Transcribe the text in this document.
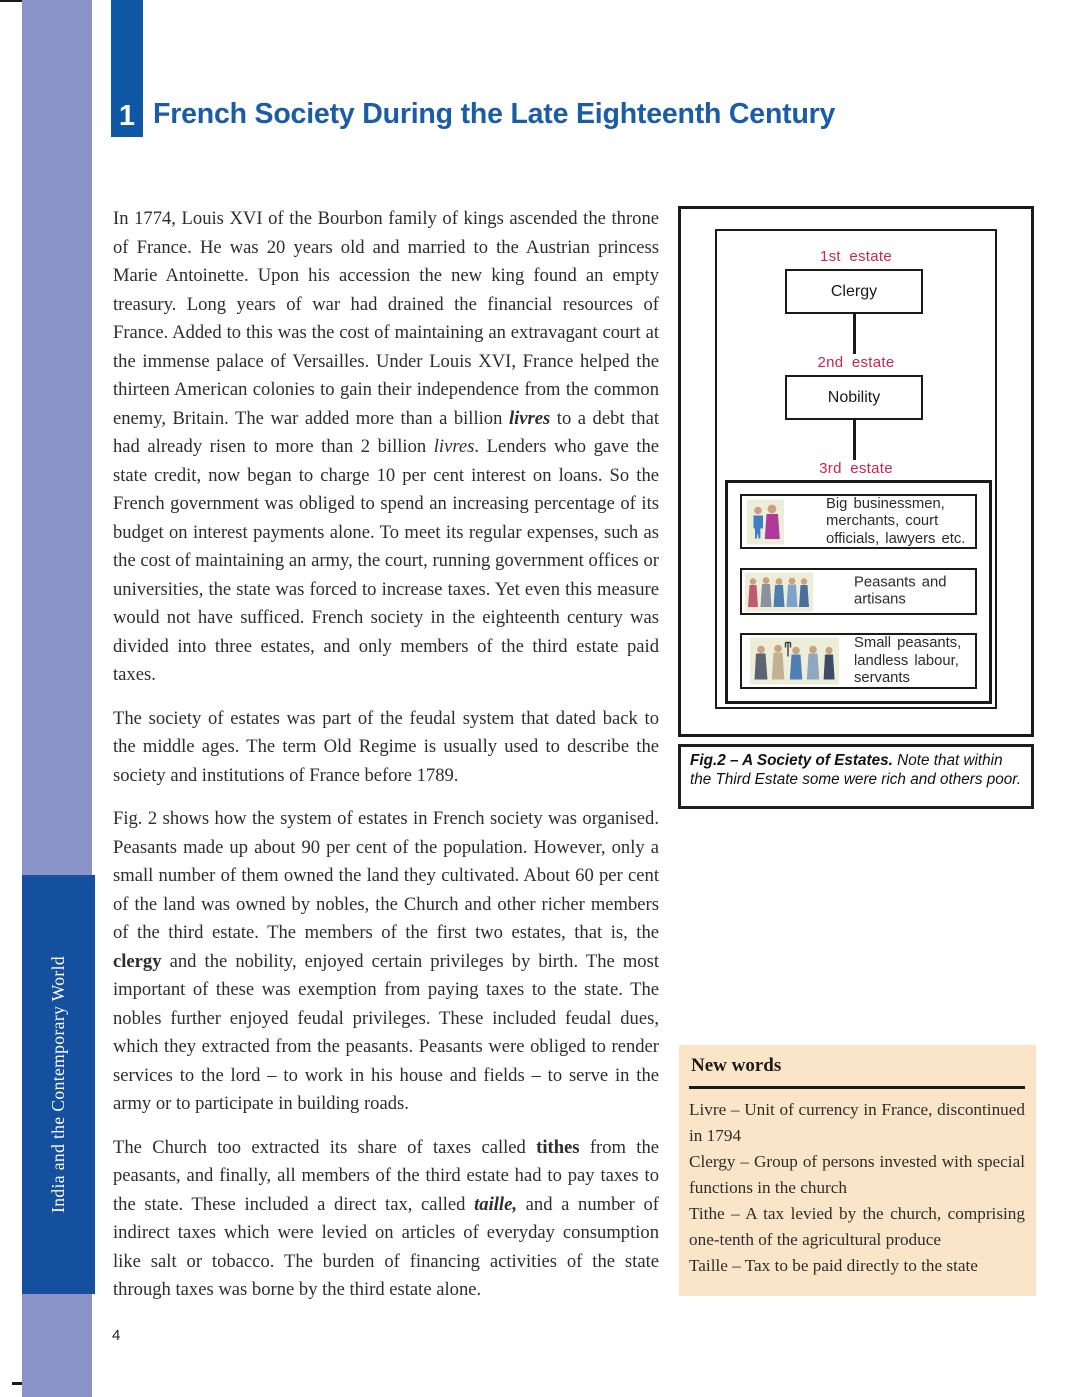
India and the Contemporary World
1 French Society During the Late Eighteenth Century

In 1774, Louis XVI of the Bourbon family of kings ascended the throne of France. He was 20 years old and married to the Austrian princess Marie Antoinette. Upon his accession the new king found an empty treasury. Long years of war had drained the financial resources of France. Added to this was the cost of maintaining an extravagant court at the immense palace of Versailles. Under Louis XVI, France helped the thirteen American colonies to gain their independence from the common enemy, Britain. The war added more than a billion livres to a debt that had already risen to more than 2 billion livres. Lenders who gave the state credit, now began to charge 10 per cent interest on loans. So the French government was obliged to spend an increasing percentage of its budget on interest payments alone. To meet its regular expenses, such as the cost of maintaining an army, the court, running government offices or universities, the state was forced to increase taxes. Yet even this measure would not have sufficed. French society in the eighteenth century was divided into three estates, and only members of the third estate paid taxes.

The society of estates was part of the feudal system that dated back to the middle ages. The term Old Regime is usually used to describe the society and institutions of France before 1789.

Fig. 2 shows how the system of estates in French society was organised. Peasants made up about 90 per cent of the population. However, only a small number of them owned the land they cultivated. About 60 per cent of the land was owned by nobles, the Church and other richer members of the third estate. The members of the first two estates, that is, the clergy and the nobility, enjoyed certain privileges by birth. The most important of these was exemption from paying taxes to the state. The nobles further enjoyed feudal privileges. These included feudal dues, which they extracted from the peasants. Peasants were obliged to render services to the lord – to work in his house and fields – to serve in the army or to participate in building roads.

The Church too extracted its share of taxes called tithes from the peasants, and finally, all members of the third estate had to pay taxes to the state. These included a direct tax, called taille, and a number of indirect taxes which were levied on articles of everyday consumption like salt or tobacco. The burden of financing activities of the state through taxes was borne by the third estate alone.

1st estate
Clergy
2nd estate
Nobility
3rd estate
Big businessmen, merchants, court officials, lawyers etc.
Peasants and artisans
Small peasants, landless labour, servants
Fig.2 – A Society of Estates. Note that within the Third Estate some were rich and others poor.
New words
Livre – Unit of currency in France, discontinued in 1794
Clergy – Group of persons invested with special functions in the church
Tithe – A tax levied by the church, comprising one-tenth of the agricultural produce
Taille – Tax to be paid directly to the state
4
